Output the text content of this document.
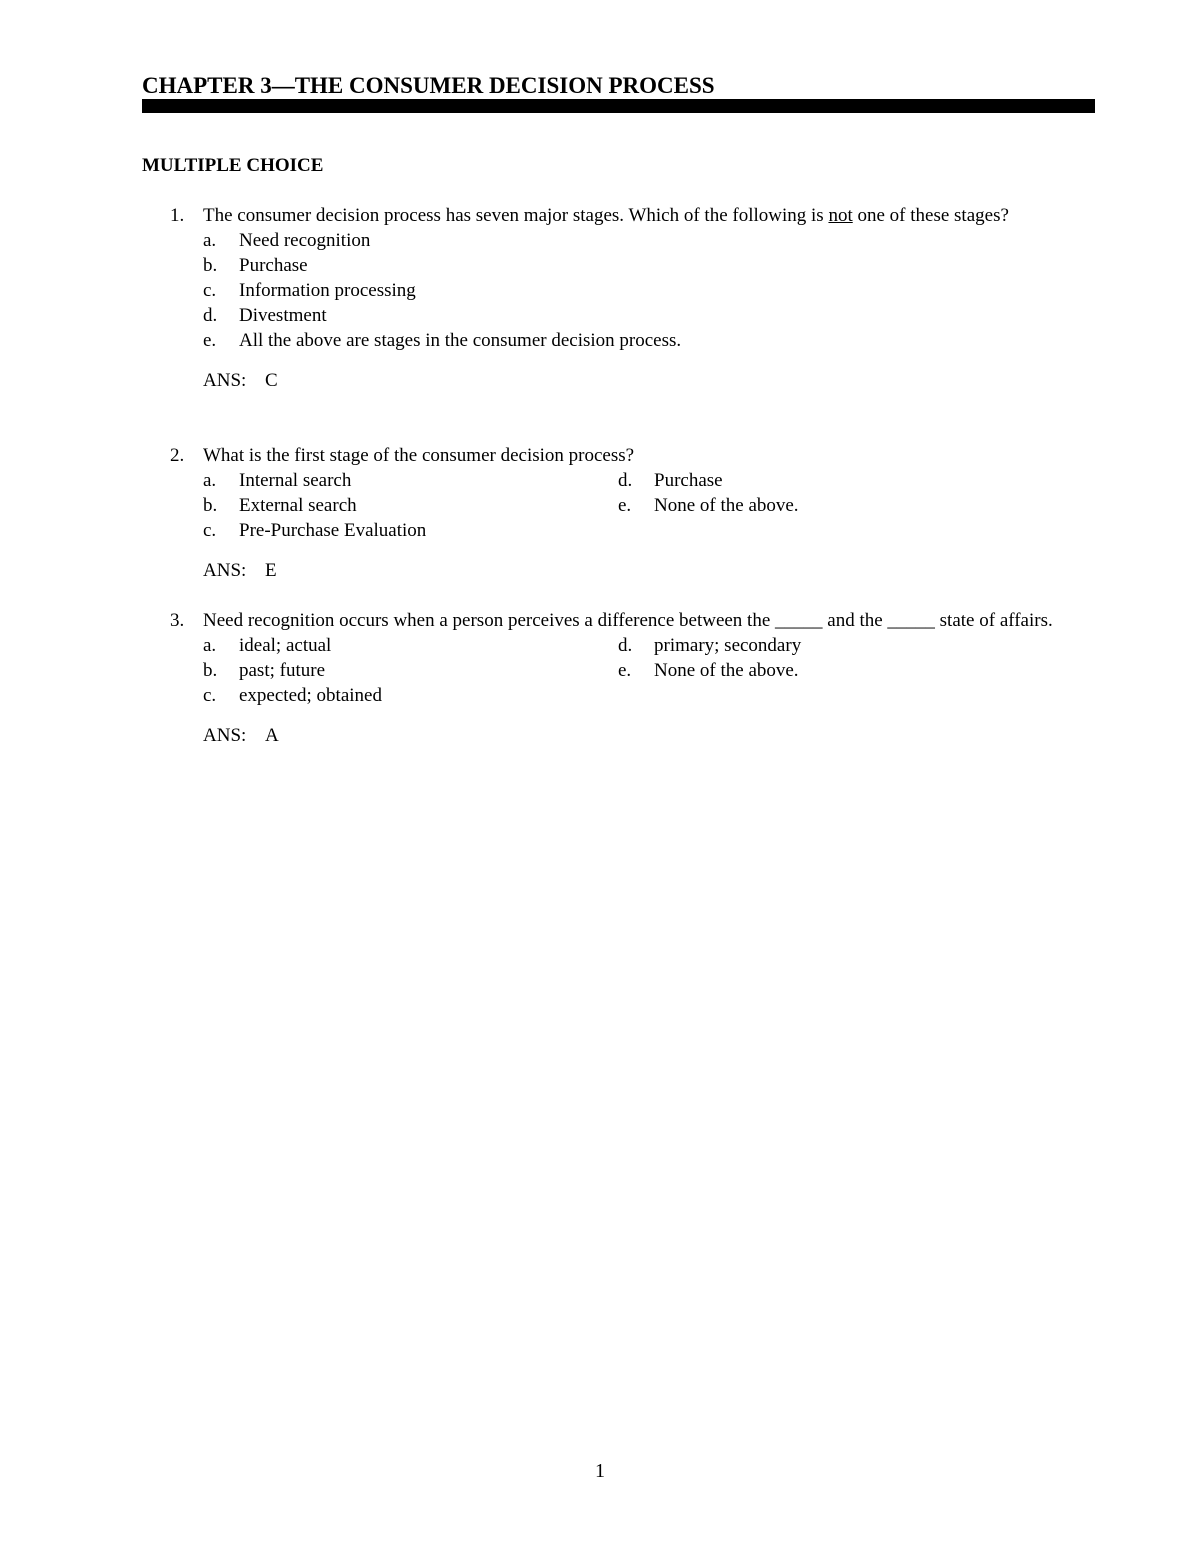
CHAPTER 3—THE CONSUMER DECISION PROCESS
MULTIPLE CHOICE
1. The consumer decision process has seven major stages. Which of the following is not one of these stages?
a. Need recognition
b. Purchase
c. Information processing
d. Divestment
e. All the above are stages in the consumer decision process.
ANS: C
2. What is the first stage of the consumer decision process?
a. Internal search
b. External search
c. Pre-Purchase Evaluation
d. Purchase
e. None of the above.
ANS: E
3. Need recognition occurs when a person perceives a difference between the _____ and the _____ state of affairs.
a. ideal; actual
b. past; future
c. expected; obtained
d. primary; secondary
e. None of the above.
ANS: A
1
